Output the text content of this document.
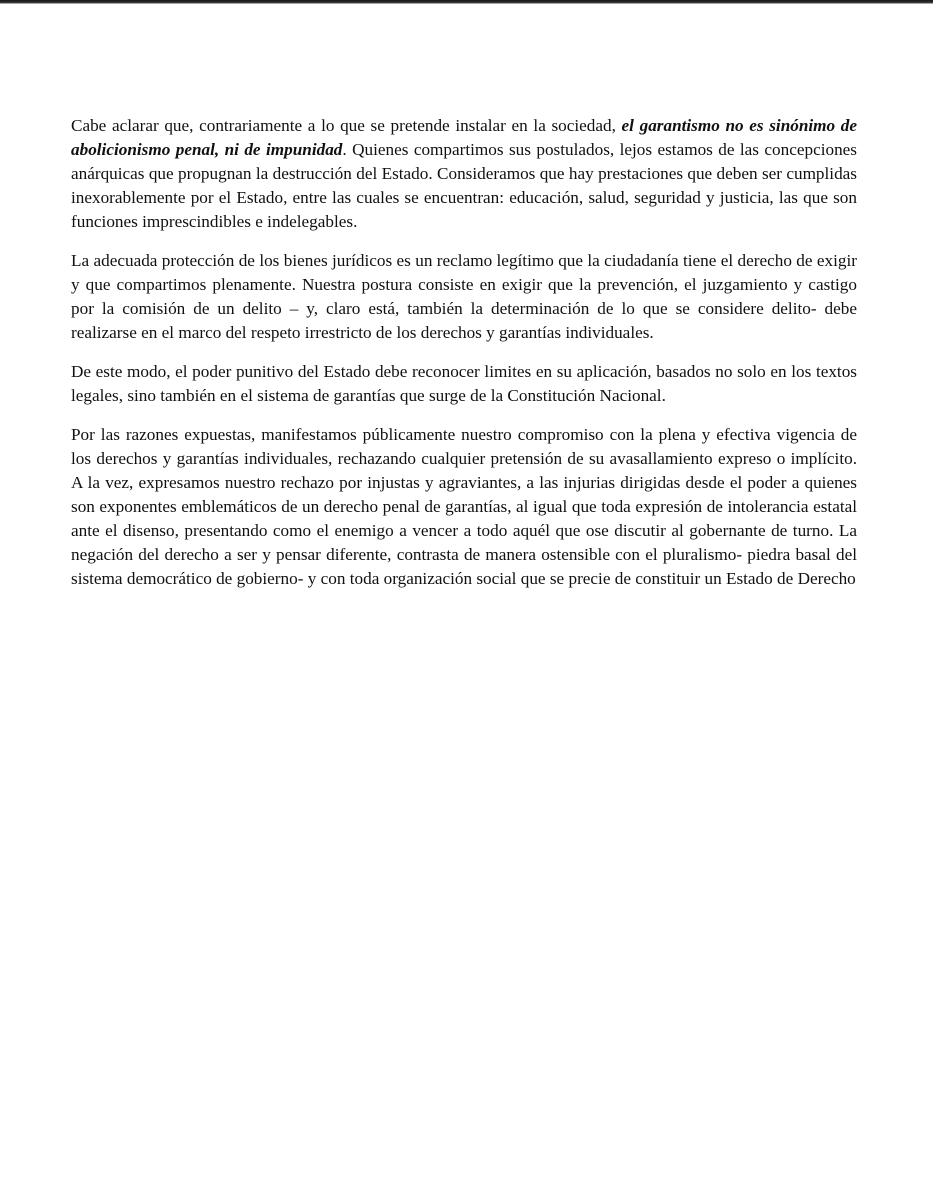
Cabe aclarar que, contrariamente a lo que se pretende instalar en la sociedad, el garantismo no es sinónimo de abolicionismo penal, ni de impunidad. Quienes compartimos sus postulados, lejos estamos de las concepciones anárquicas que propugnan la destrucción del Estado. Consideramos que hay prestaciones que deben ser cumplidas inexorablemente por el Estado, entre las cuales se encuentran: educación, salud, seguridad y justicia, las que son funciones imprescindibles e indelegables.

La adecuada protección de los bienes jurídicos es un reclamo legítimo que la ciudadanía tiene el derecho de exigir y que compartimos plenamente. Nuestra postura consiste en exigir que la prevención, el juzgamiento y castigo por la comisión de un delito – y, claro está, también la determinación de lo que se considere delito- debe realizarse en el marco del respeto irrestricto de los derechos y garantías individuales.

De este modo, el poder punitivo del Estado debe reconocer limites en su aplicación, basados no solo en los textos legales, sino también en el sistema de garantías que surge de la Constitución Nacional.

Por las razones expuestas, manifestamos públicamente nuestro compromiso con la plena y efectiva vigencia de los derechos y garantías individuales, rechazando cualquier pretensión de su avasallamiento expreso o implícito. A la vez, expresamos nuestro rechazo por injustas y agraviantes, a las injurias dirigidas desde el poder a quienes son exponentes emblemáticos de un derecho penal de garantías, al igual que toda expresión de intolerancia estatal ante el disenso, presentando como el enemigo a vencer a todo aquél que ose discutir al gobernante de turno. La negación del derecho a ser y pensar diferente, contrasta de manera ostensible con el pluralismo- piedra basal del sistema democrático de gobierno- y con toda organización social que se precie de constituir un Estado de Derecho
